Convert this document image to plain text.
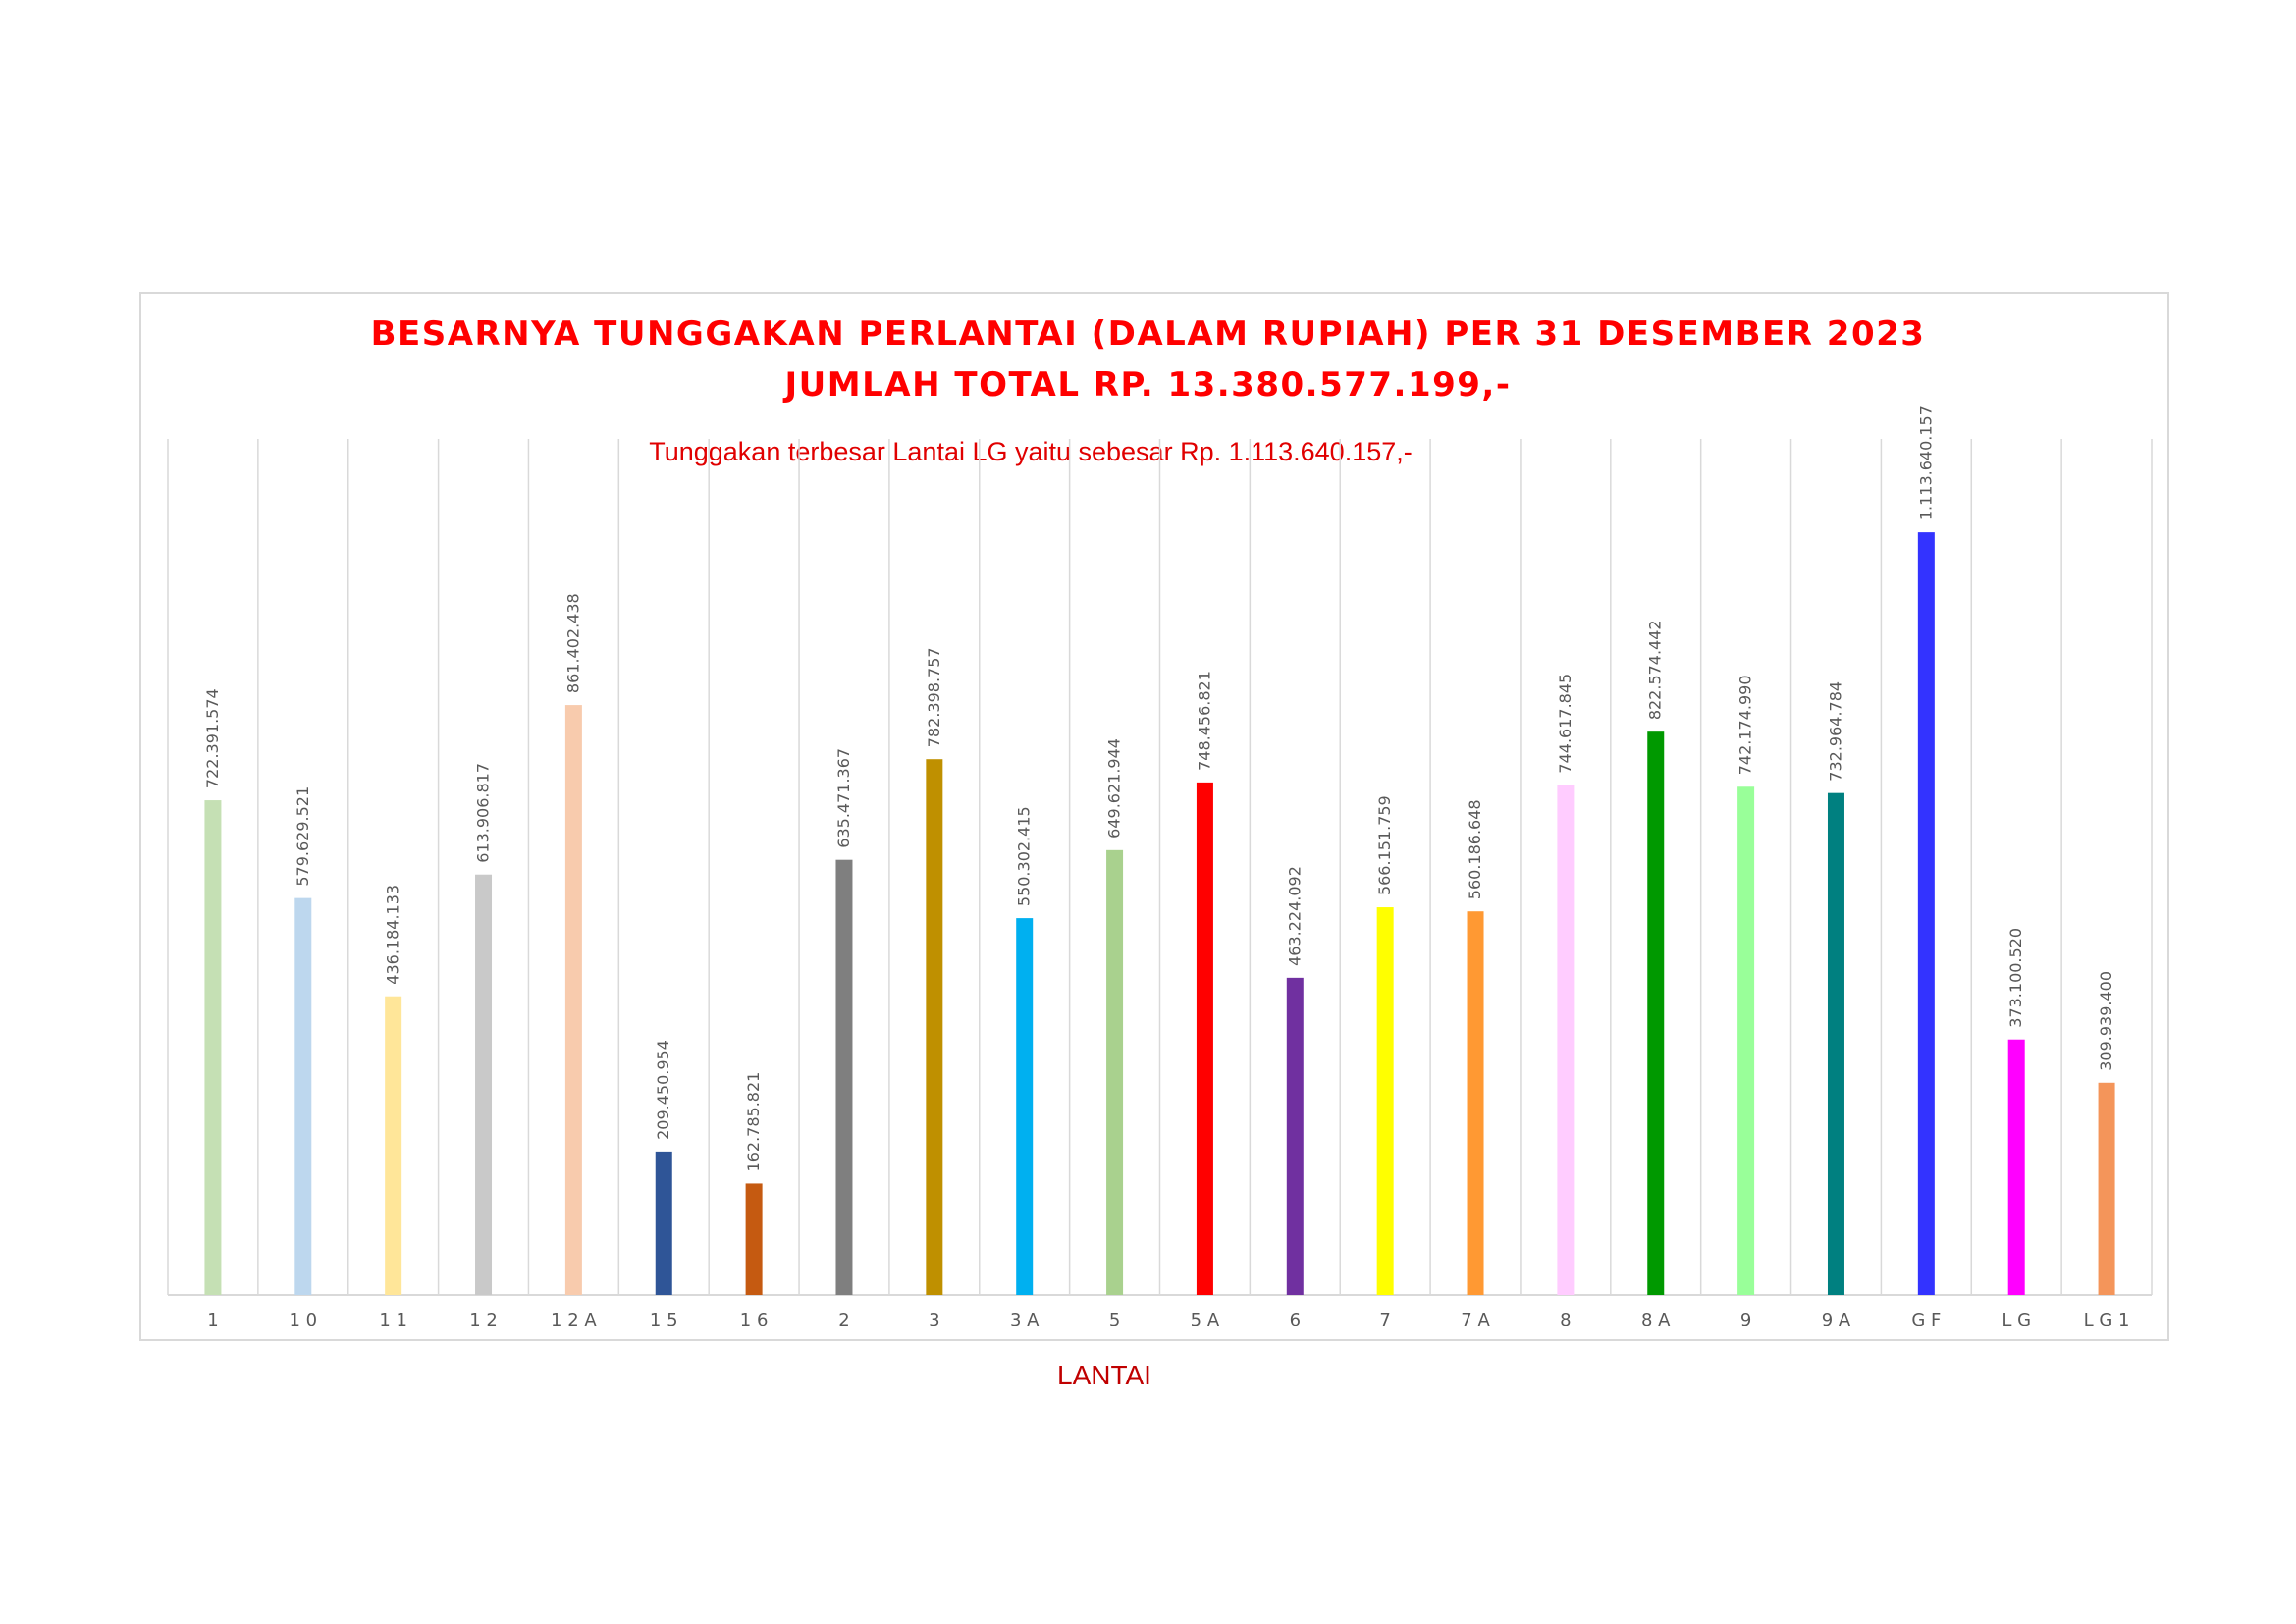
BESARNYA TUNGGAKAN PERLANTAI (DALAM RUPIAH) PER 31 DESEMBER 2023
JUMLAH TOTAL RP. 13.380.577.199,-
Tunggakan terbesar Lantai LG yaitu sebesar Rp. 1.113.640.157,-
722.391.574
1
579.629.521
1 0
436.184.133
1 1
613.906.817
1 2
861.402.438
1 2 A
209.450.954
1 5
162.785.821
1 6
635.471.367
2
782.398.757
3
550.302.415
3 A
649.621.944
5
748.456.821
5 A
463.224.092
6
566.151.759
7
560.186.648
7 A
744.617.845
8
822.574.442
8 A
742.174.990
9
732.964.784
9 A
1.113.640.157
G F
373.100.520
L G
309.939.400
L G 1
LANTAI
